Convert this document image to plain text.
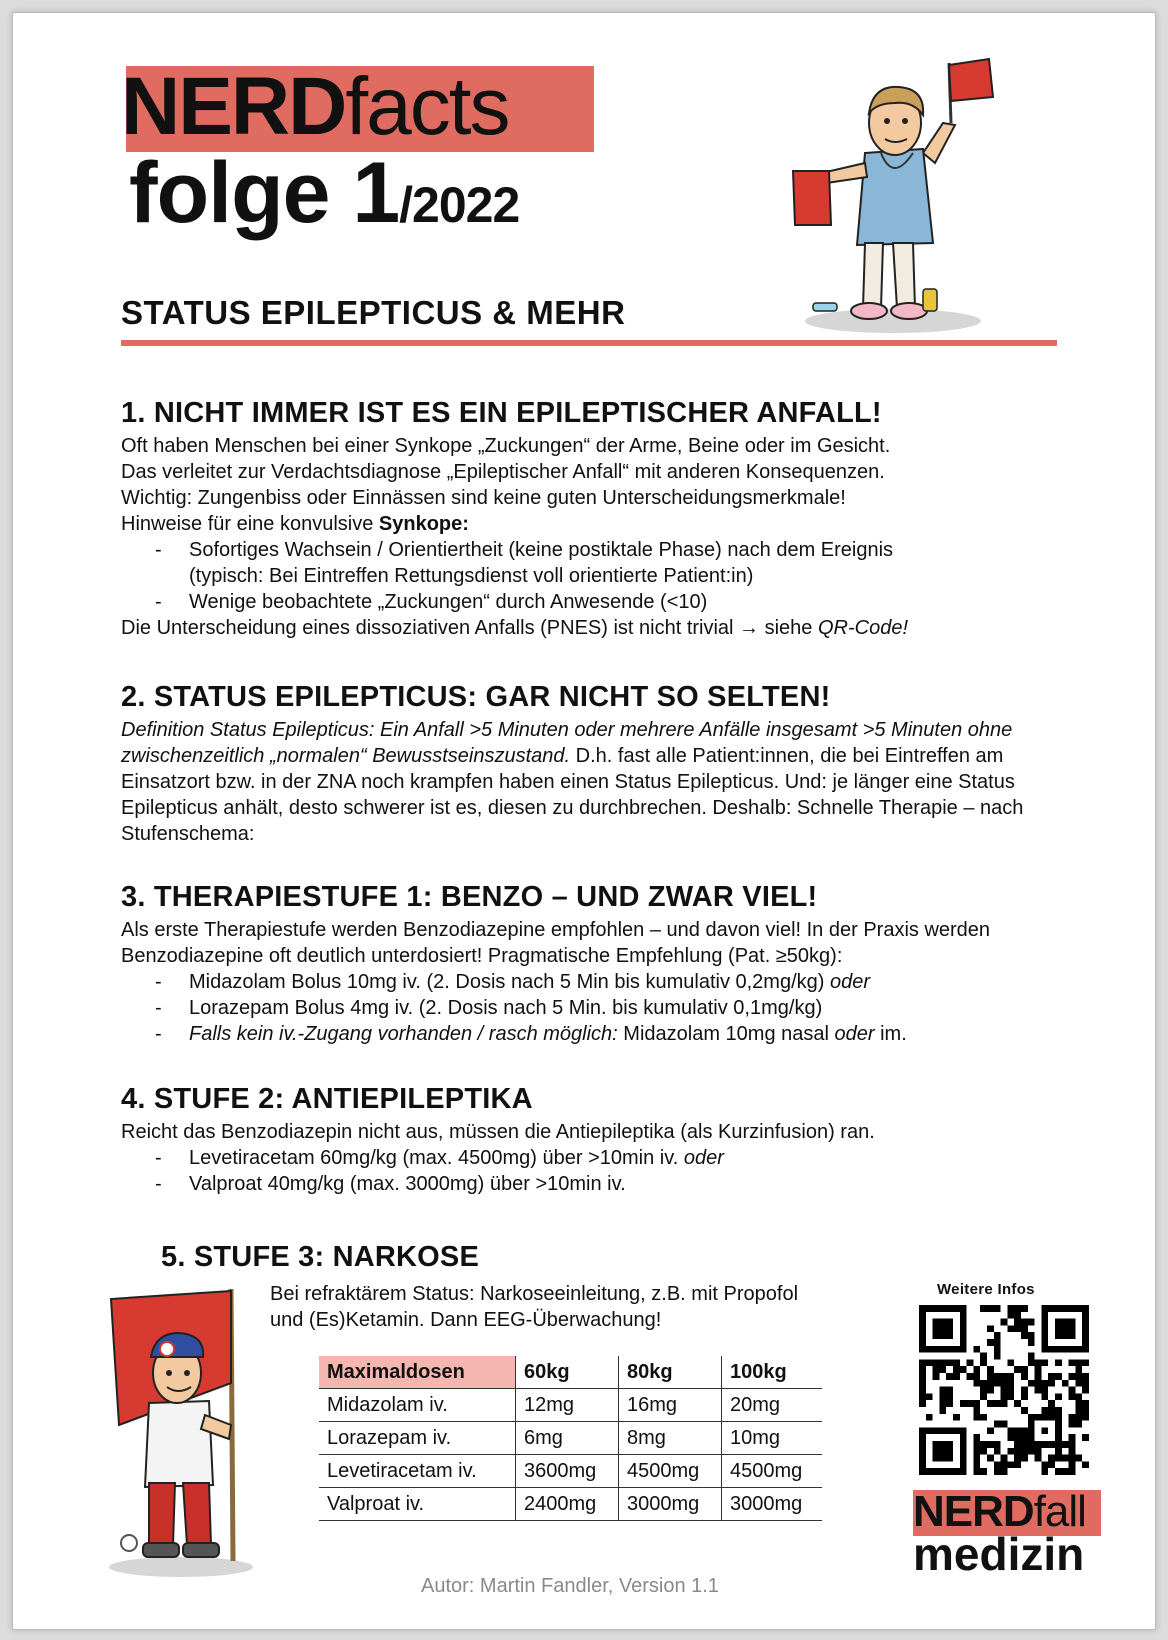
NERDfacts
folge 1/2022
STATUS EPILEPTICUS & MEHR
1. NICHT IMMER IST ES EIN EPILEPTISCHER ANFALL!

Oft haben Menschen bei einer Synkope „Zuckungen“ der Arme, Beine oder im Gesicht.

Das verleitet zur Verdachtsdiagnose „Epileptischer Anfall“ mit anderen Konsequenzen.

Wichtig: Zungenbiss oder Einnässen sind keine guten Unterscheidungsmerkmale!

Hinweise für eine konvulsive Synkope:

- Sofortiges Wachsein / Orientiertheit (keine postiktale Phase) nach dem Ereignis
(typisch: Bei Eintreffen Rettungsdienst voll orientierte Patient:in)
- Wenige beobachtete „Zuckungen“ durch Anwesende (<10)

Die Unterscheidung eines dissoziativen Anfalls (PNES) ist nicht trivial → siehe QR-Code!

2. STATUS EPILEPTICUS: GAR NICHT SO SELTEN!

Definition Status Epilepticus: Ein Anfall >5 Minuten oder mehrere Anfälle insgesamt >5 Minuten ohne zwischenzeitlich „normalen“ Bewusstseinszustand. D.h. fast alle Patient:innen, die bei Eintreffen am Einsatzort bzw. in der ZNA noch krampfen haben einen Status Epilepticus. Und: je länger eine Status Epilepticus anhält, desto schwerer ist es, diesen zu durchbrechen. Deshalb: Schnelle Therapie – nach Stufenschema:

3. THERAPIESTUFE 1: BENZO – UND ZWAR VIEL!

Als erste Therapiestufe werden Benzodiazepine empfohlen – und davon viel! In der Praxis werden Benzodiazepine oft deutlich unterdosiert! Pragmatische Empfehlung (Pat. ≥50kg):

- Midazolam Bolus 10mg iv. (2. Dosis nach 5 Min bis kumulativ 0,2mg/kg) oder
- Lorazepam Bolus 4mg iv. (2. Dosis nach 5 Min. bis kumulativ 0,1mg/kg)
- Falls kein iv.-Zugang vorhanden / rasch möglich: Midazolam 10mg nasal oder im.
4. STUFE 2: ANTIEPILEPTIKA

Reicht das Benzodiazepin nicht aus, müssen die Antiepileptika (als Kurzinfusion) ran.

- Levetiracetam 60mg/kg (max. 4500mg) über >10min iv. oder
- Valproat 40mg/kg (max. 3000mg) über >10min iv.
5. STUFE 3: NARKOSE

Bei refraktärem Status: Narkoseeinleitung, z.B. mit Propofol

und (Es)Ketamin. Dann EEG-Überwachung!

Maximaldosen	60kg	80kg	100kg
Midazolam iv.	12mg	16mg	20mg
Lorazepam iv.	6mg	8mg	10mg
Levetiracetam iv.	3600mg	4500mg	4500mg
Valproat iv.	2400mg	3000mg	3000mg
Weitere Infos
NERDfall
medizin
Autor: Martin Fandler, Version 1.1
